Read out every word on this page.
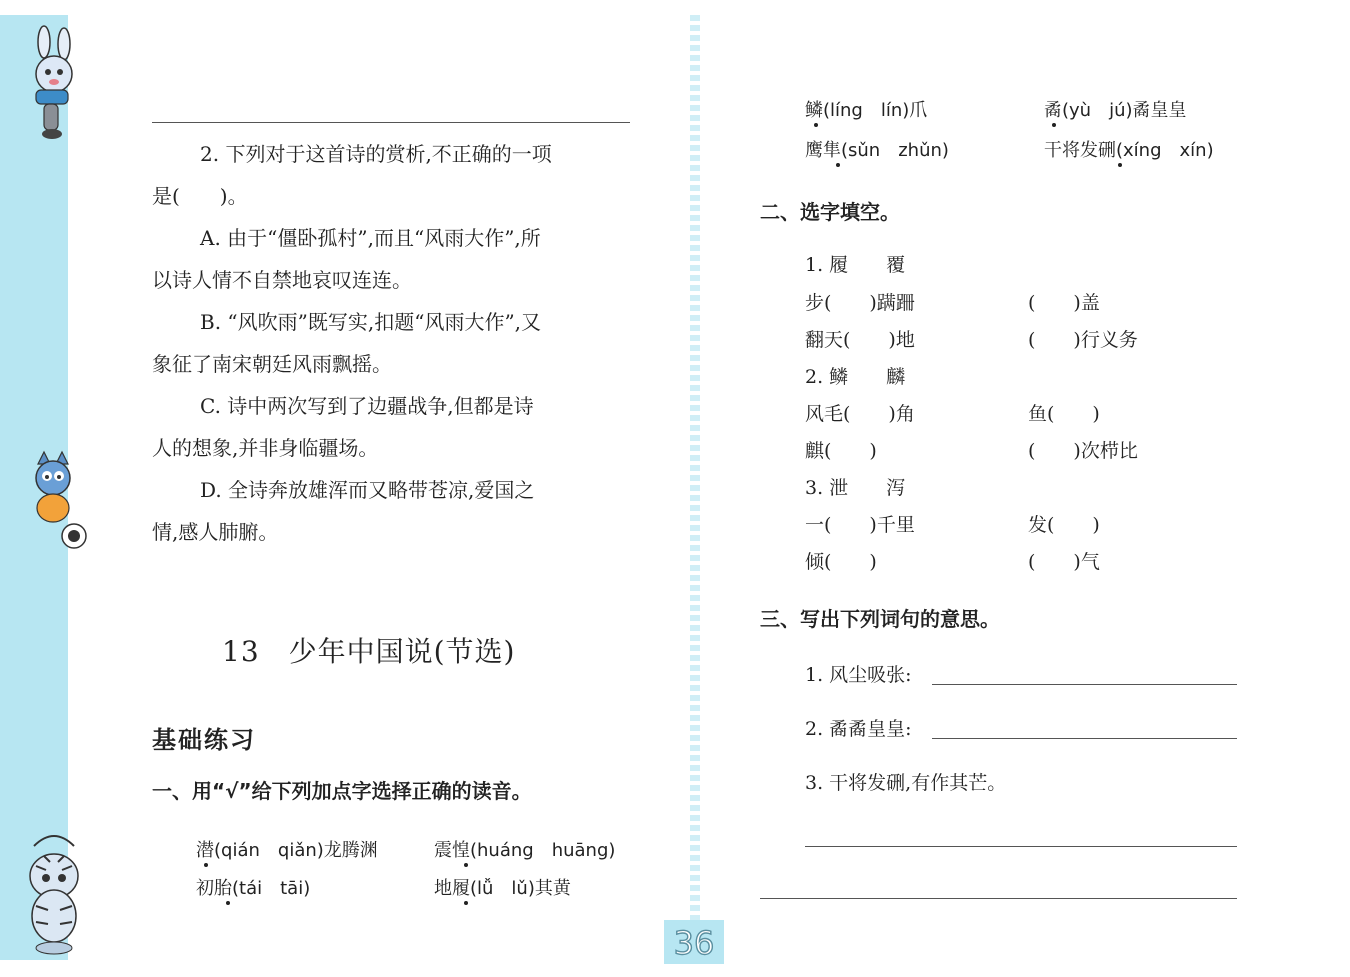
2. 下列对于这首诗的赏析,不正确的一项
是(　　)。
A. 由于“僵卧孤村”,而且“风雨大作”,所
以诗人情不自禁地哀叹连连。
B. “风吹雨”既写实,扣题“风雨大作”,又
象征了南宋朝廷风雨飘摇。
C. 诗中两次写到了边疆战争,但都是诗
人的想象,并非身临疆场。
D. 全诗奔放雄浑而又略带苍凉,爱国之
情,感人肺腑。
13　少年中国说(节选)
基础练习
一、用“√”给下列加点字选择正确的读音。
潜(qián　qiǎn)龙腾渊	震惶(huáng　huāng)
初胎(tái　tāi)	地履(lǚ　lǔ)其黄
鳞(líng　lín)爪	矞(yù　jú)矞皇皇
鹰隼(sǔn　zhǔn)	干将发硎(xíng　xín)
二、选字填空。
1. 履　　覆
步(　　)蹒跚	(　　)盖
翻天(　　)地	(　　)行义务
2. 鳞　　麟
风毛(　　)角	鱼(　　)
麒(　　)	(　　)次栉比
3. 泄　　泻
一(　　)千里	发(　　)
倾(　　)	(　　)气
三、写出下列词句的意思。
1. 风尘吸张:
2. 矞矞皇皇:
3. 干将发硎,有作其芒。
36
